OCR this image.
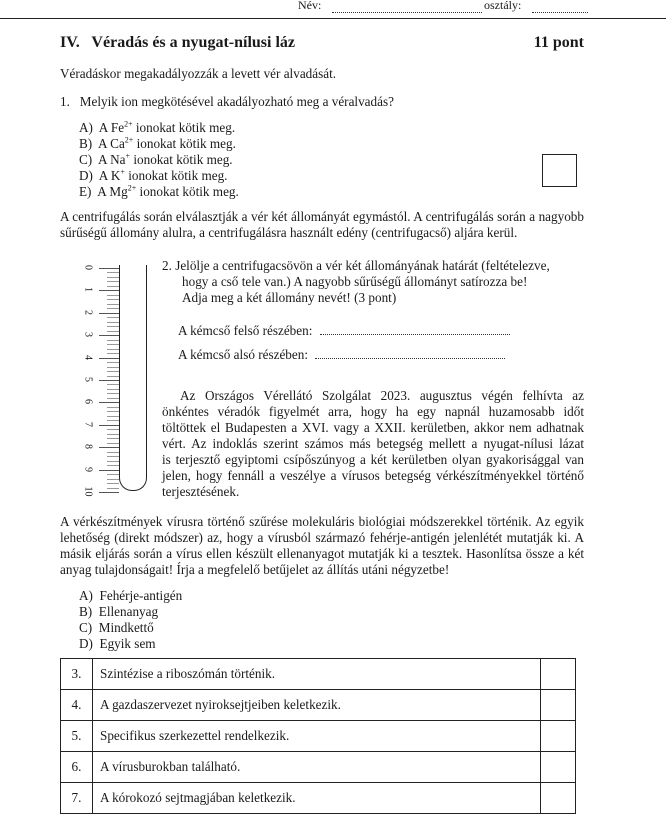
Név:	osztály:
IV.   Véradás és a nyugat-nílusi láz	11 pont
Véradáskor megakadályozzák a levett vér alvadását.
1.   Melyik ion megkötésével akadályozható meg a véralvadás?
A)  A $Fe^{2+}$ ionokat kötik meg.
B)  A $Ca^{2+}$ ionokat kötik meg.
C)  A Na+ ionokat kötik meg.
D)  A K+ ionokat kötik meg.
E)  A $Mg^{2+}$ ionokat kötik meg.
A centrifugálás során elválasztják a vér két állományát egymástól. A centrifugálás során a nagyobb sűrűségű állomány alulra, a centrifugálásra használt edény (centrifugacső) aljára kerül.
0
1
2
3
4
5
6
7
8
9
10
2. Jelölje a centrifugacsövön a vér két állományának határát (feltételezve,
hogy a cső tele van.) A nagyobb sűrűségű állományt satírozza be!
Adja meg a két állomány nevét! (3 pont)
A kémcső felső részében:
A kémcső alsó részében:
Az Országos Vérellátó Szolgálat 2023. augusztus végén felhívta az
önkéntes véradók figyelmét arra, hogy ha egy napnál huzamosabb időt
töltöttek el Budapesten a XVI. vagy a XXII. kerületben, akkor nem adhatnak
vért. Az indoklás szerint számos más betegség mellett a nyugat-nílusi lázat
is terjesztő egyiptomi csípőszúnyog a két kerületben olyan gyakorisággal van
jelen, hogy fennáll a veszélye a vírusos betegség vérkészítményekkel történő
terjesztésének.
A vérkészítmények vírusra történő szűrése molekuláris biológiai módszerekkel történik. Az egyik lehetőség (direkt módszer) az, hogy a vírusból származó fehérje-antigén jelenlétét mutatják ki. A másik eljárás során a vírus ellen készült ellenanyagot mutatják ki a tesztek. Hasonlítsa össze a két anyag tulajdonságait! Írja a megfelelő betűjelet az állítás utáni négyzetbe!
A)  Fehérje-antigén
B)  Ellenanyag
C)  Mindkettő
D)  Egyik sem
3.	Szintézise a riboszómán történik.	
4.	A gazdaszervezet nyiroksejtjeiben keletkezik.	
5.	Specifikus szerkezettel rendelkezik.	
6.	A vírusburokban található.	
7.	A kórokozó sejtmagjában keletkezik.	
